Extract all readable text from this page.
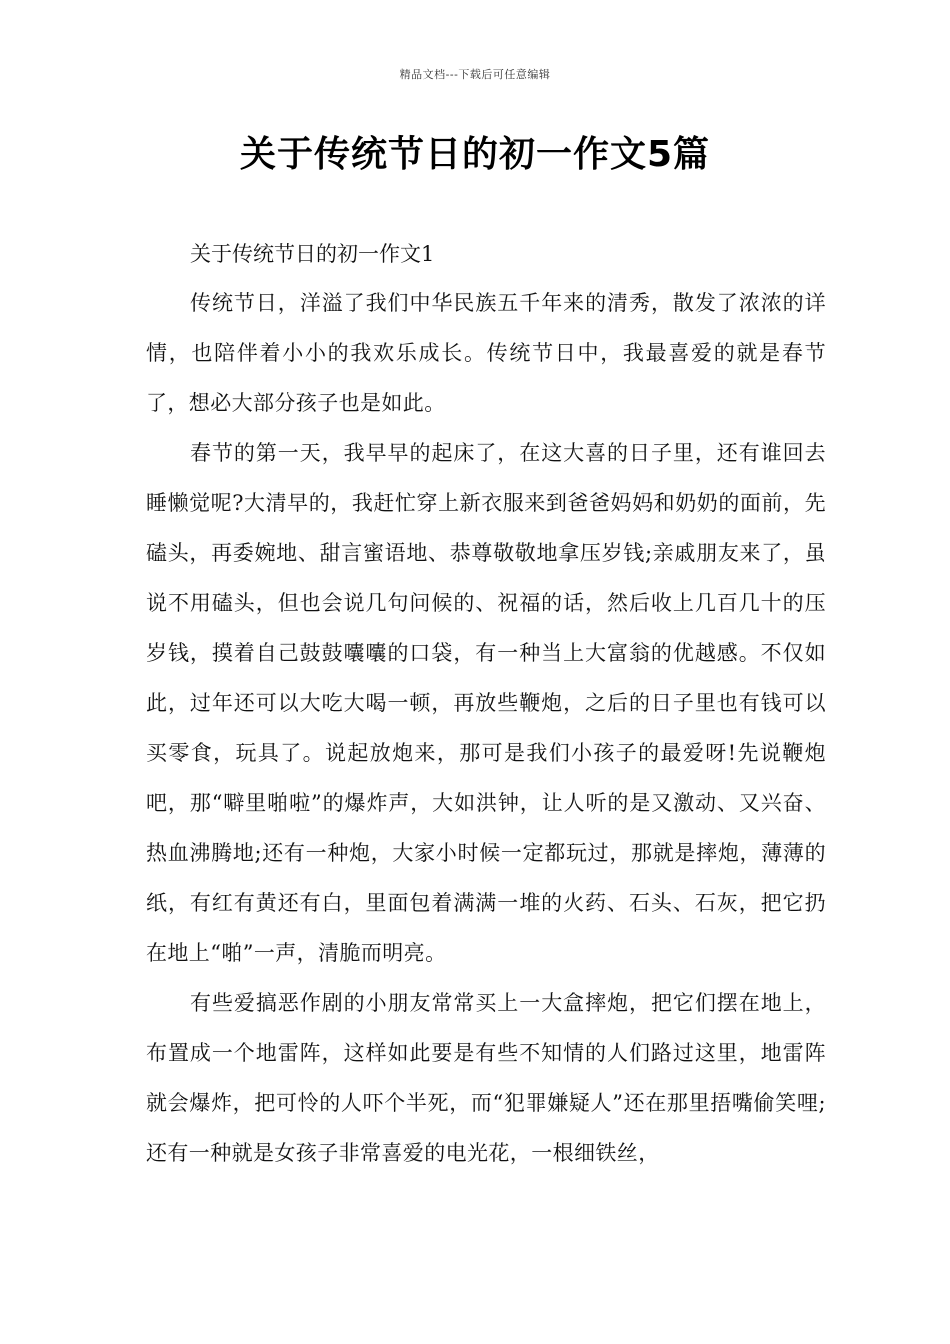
精品文档---下载后可任意编辑
关于传统节日的初一作文5篇
关于传统节日的初一作文1

传统节日，洋溢了我们中华民族五千年来的清秀，散发了浓浓的详情，也陪伴着小小的我欢乐成长。传统节日中，我最喜爱的就是春节了，想必大部分孩子也是如此。

春节的第一天，我早早的起床了，在这大喜的日子里，还有谁回去睡懒觉呢?大清早的，我赶忙穿上新衣服来到爸爸妈妈和奶奶的面前，先磕头，再委婉地、甜言蜜语地、恭尊敬敬地拿压岁钱;亲戚朋友来了，虽说不用磕头，但也会说几句问候的、祝福的话，然后收上几百几十的压岁钱，摸着自己鼓鼓囔囔的口袋，有一种当上大富翁的优越感。不仅如此，过年还可以大吃大喝一顿，再放些鞭炮，之后的日子里也有钱可以买零食，玩具了。说起放炮来，那可是我们小孩子的最爱呀!先说鞭炮吧，那“噼里啪啦”的爆炸声，大如洪钟，让人听的是又激动、又兴奋、热血沸腾地;还有一种炮，大家小时候一定都玩过，那就是摔炮，薄薄的纸，有红有黄还有白，里面包着满满一堆的火药、石头、石灰，把它扔在地上“啪”一声，清脆而明亮。

有些爱搞恶作剧的小朋友常常买上一大盒摔炮，把它们摆在地上，布置成一个地雷阵，这样如此要是有些不知情的人们路过这里，地雷阵就会爆炸，把可怜的人吓个半死，而“犯罪嫌疑人”还在那里捂嘴偷笑哩;还有一种就是女孩子非常喜爱的电光花，一根细铁丝，
